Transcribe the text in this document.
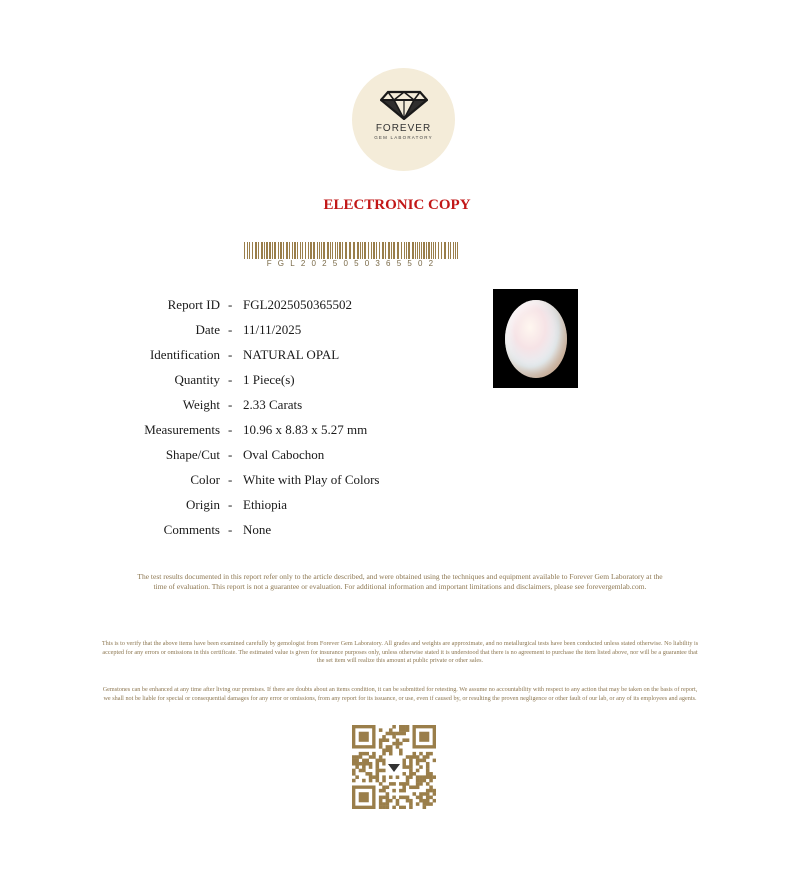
FOREVER
GEM LABORATORY
ELECTRONIC COPY
FGL2025050365502
Report ID - FGL2025050365502
Date - 11/11/2025
Identification - NATURAL OPAL
Quantity - 1 Piece(s)
Weight - 2.33 Carats
Measurements - 10.96 x 8.83 x 5.27 mm
Shape/Cut - Oval Cabochon
Color - White with Play of Colors
Origin - Ethiopia
Comments - None
The test results documented in this report refer only to the article described, and were obtained using the techniques and equipment available to Forever Gem Laboratory at the time of evaluation. This report is not a guarantee or evaluation. For additional information and important limitations and disclaimers, please see forevergemlab.com.
This is to verify that the above items have been examined carefully by gemologist from Forever Gem Laboratory. All grades and weights are approximate, and no metallurgical tests have been conducted unless stated otherwise. No liability is accepted for any errors or omissions in this certificate. The estimated value is given for insurance purposes only, unless otherwise stated it is understood that there is no agreement to purchase the item listed above, nor will be a guarantee that the set item will realize this amount at public private or other sales.
Gemstones can be enhanced at any time after living our premises. If there are doubts about an items condition, it can be submitted for retesting. We assume no accountability with respect to any action that may be taken on the basis of report, we shall not be liable for special or consequential damages for any error or omissions, from any report for its issuance, or use, even if caused by, or resulting the proven negligence or other fault of our lab, or any of its employees and agents.
